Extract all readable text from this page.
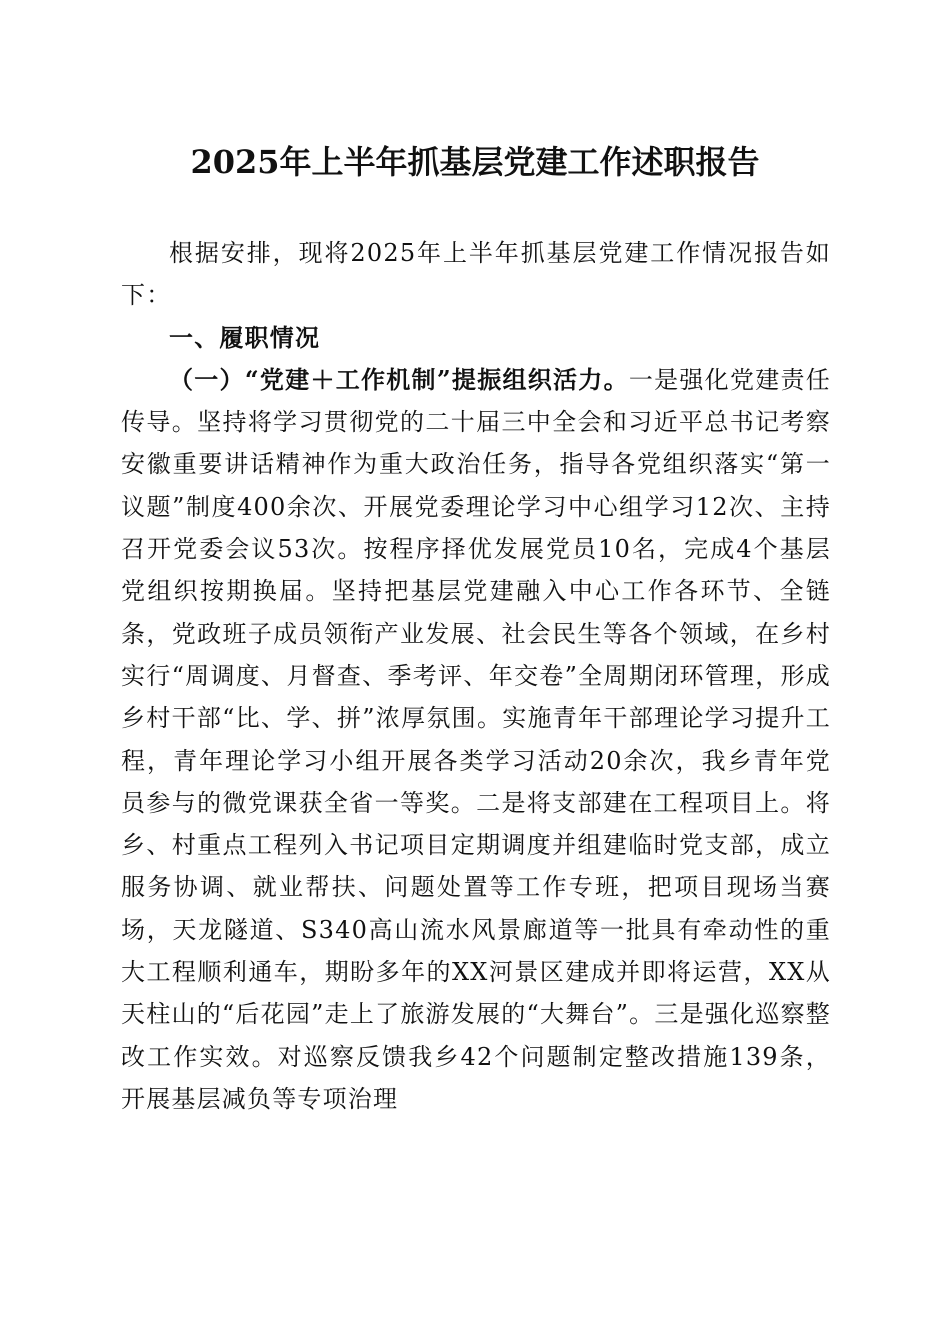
2025年上半年抓基层党建工作述职报告

根据安排，现将2025年上半年抓基层党建工作情况报告如下：

一、履职情况

（一）“党建＋工作机制”提振组织活力。一是强化党建责任传导。坚持将学习贯彻党的二十届三中全会和习近平总书记考察安徽重要讲话精神作为重大政治任务，指导各党组织落实“第一议题”制度400余次、开展党委理论学习中心组学习12次、主持召开党委会议53次。按程序择优发展党员10名，完成4个基层党组织按期换届。坚持把基层党建融入中心工作各环节、全链条，党政班子成员领衔产业发展、社会民生等各个领域，在乡村实行“周调度、月督查、季考评、年交卷”全周期闭环管理，形成乡村干部“比、学、拼”浓厚氛围。实施青年干部理论学习提升工程，青年理论学习小组开展各类学习活动20余次，我乡青年党员参与的微党课获全省一等奖。二是将支部建在工程项目上。将乡、村重点工程列入书记项目定期调度并组建临时党支部，成立服务协调、就业帮扶、问题处置等工作专班，把项目现场当赛场，天龙隧道、S340高山流水风景廊道等一批具有牵动性的重大工程顺利通车，期盼多年的XX河景区建成并即将运营，XX从天柱山的“后花园”走上了旅游发展的“大舞台”。三是强化巡察整改工作实效。对巡察反馈我乡42个问题制定整改措施139条，开展基层减负等专项治理
